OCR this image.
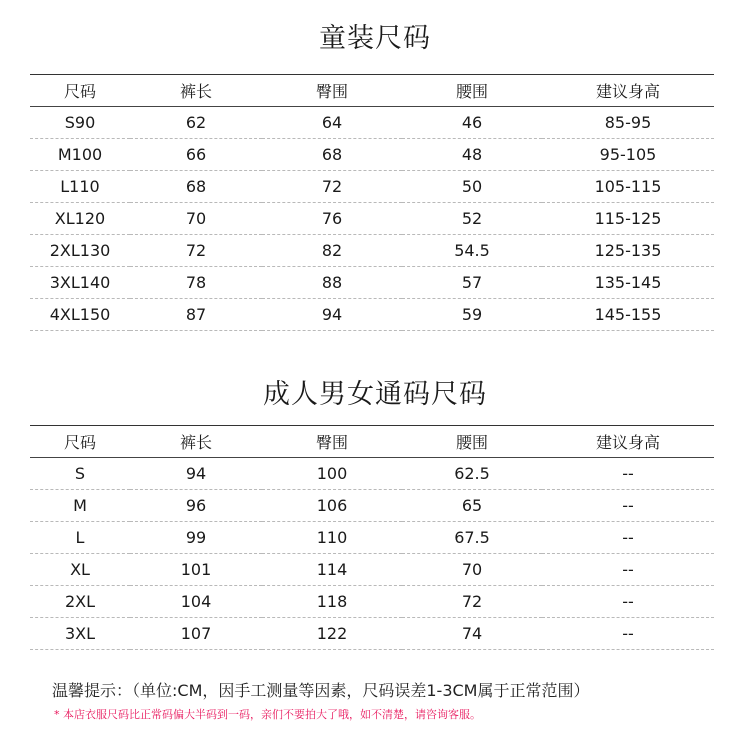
童装尺码
尺码	裤长	臀围	腰围	建议身高
S90	62	64	46	85-95
M100	66	68	48	95-105
L110	68	72	50	105-115
XL120	70	76	52	115-125
2XL130	72	82	54.5	125-135
3XL140	78	88	57	135-145
4XL150	87	94	59	145-155
成人男女通码尺码
尺码	裤长	臀围	腰围	建议身高
S	94	100	62.5	--
M	96	106	65	--
L	99	110	67.5	--
XL	101	114	70	--
2XL	104	118	72	--
3XL	107	122	74	--
温馨提示：（单位:CM，因手工测量等因素，尺码误差1-3CM属于正常范围）
* 本店衣服尺码比正常码偏大半码到一码，亲们不要拍大了哦，如不清楚，请咨询客服。
